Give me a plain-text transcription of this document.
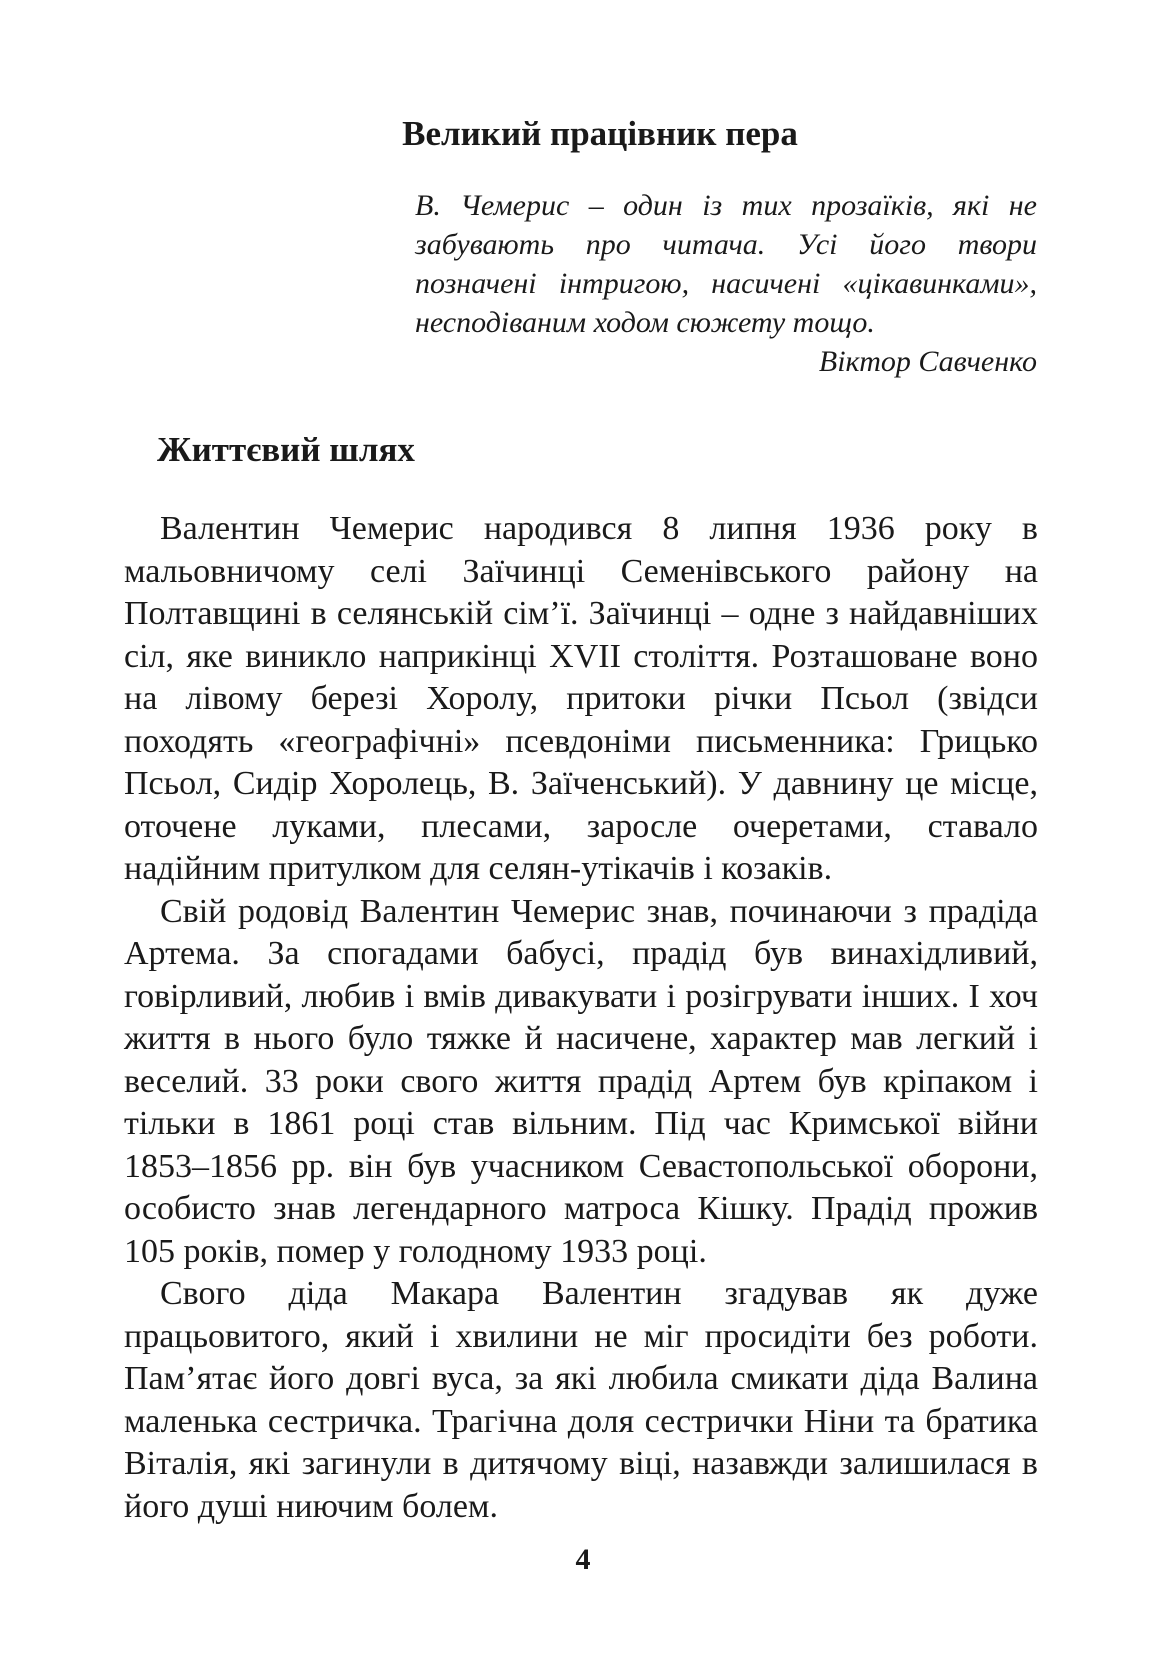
Великий працівник пера

В. Чемерис – один із тих прозаїків, які не забувають про читача. Усі його твори позначені інтригою, насичені «цікавинками», несподіваним ходом сюжету тощо.

Віктор Савченко

Життєвий шлях

Валентин Чемерис народився 8 липня 1936 року в мальовничому селі Заїчинці Семенівського району на Полтавщині в селянській сім’ї. Заїчинці – одне з найдавніших сіл, яке виникло наприкінці XVII століття. Розташоване воно на лівому березі Хоролу, притоки річки Псьол (звідси походять «географічні» псевдоніми письменника: Грицько Псьол, Сидір Хоролець, В. Заїченський). У давнину це місце, оточене луками, плесами, заросле очеретами, ставало надійним притулком для селян-утікачів і козаків.

Свій родовід Валентин Чемерис знав, починаючи з прадіда Артема. За спогадами бабусі, прадід був винахідливий, говірливий, любив і вмів дивакувати і розігрувати інших. І хоч життя в нього було тяжке й насичене, характер мав легкий і веселий. 33 роки свого життя прадід Артем був кріпаком і тільки в 1861 році став вільним. Під час Кримської війни 1853–1856 рр. він був учасником Севастопольської оборони, особисто знав легендарного матроса Кішку. Прадід прожив 105 років, помер у голодному 1933 році.

Свого діда Макара Валентин згадував як дуже працьовитого, який і хвилини не міг просидіти без роботи. Пам’ятає його довгі вуса, за які любила смикати діда Валина маленька сестричка. Трагічна доля сестрички Ніни та братика Віталія, які загинули в дитячому віці, назавжди залишилася в його душі ниючим болем.

4
